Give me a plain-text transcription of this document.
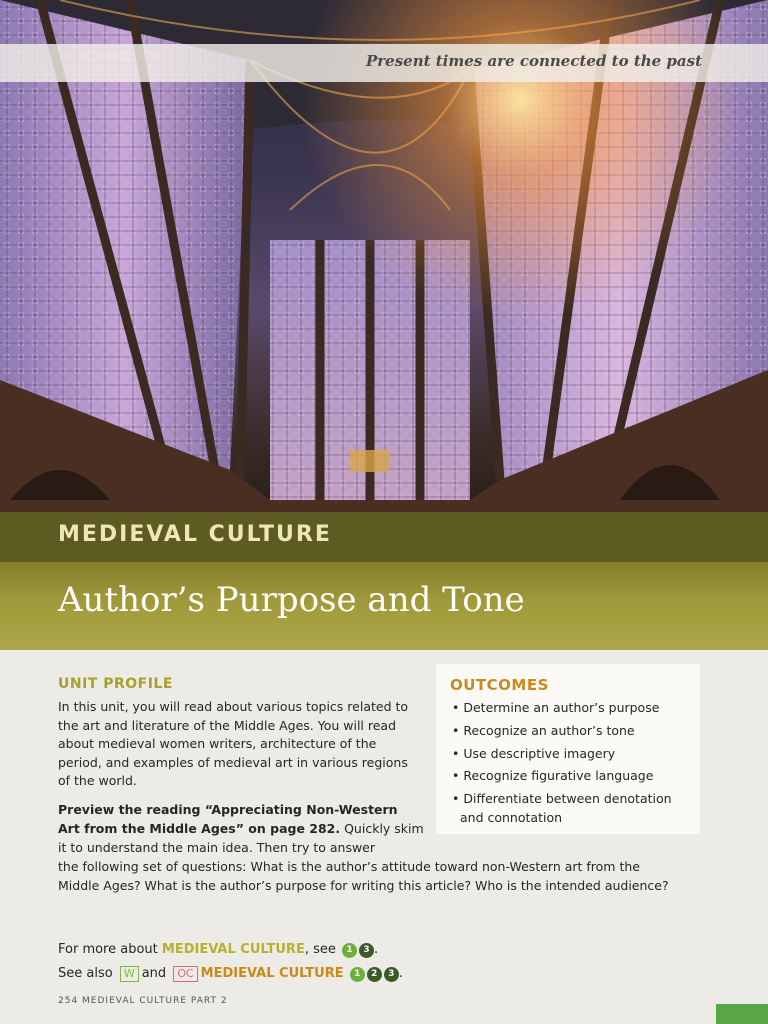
Present times are connected to the past
MEDIEVAL CULTURE
Author’s Purpose and Tone
UNIT PROFILE

In this unit, you will read about various topics related to the art and literature of the Middle Ages. You will read about medieval women writers, architecture of the period, and examples of medieval art in various regions of the world.

Preview the reading “Appreciating Non-Western
Art from the Middle Ages” on page 282. Quickly skim
it to understand the main idea. Then try to answer
the following set of questions: What is the author’s attitude toward non-Western art from the
Middle Ages? What is the author’s purpose for writing this article? Who is the intended audience?
• Determine an author’s purpose
• Recognize an author’s tone
• Use descriptive imagery
• Recognize figurative language
• Differentiate between denotation and connotation
OUTCOMES
For more about
MEDIEVAL CULTURE , see
	1	3 .
See also
	W and
	OC MEDIEVAL CULTURE
	1	2	3 .
254 MEDIEVAL CULTURE PART 2
